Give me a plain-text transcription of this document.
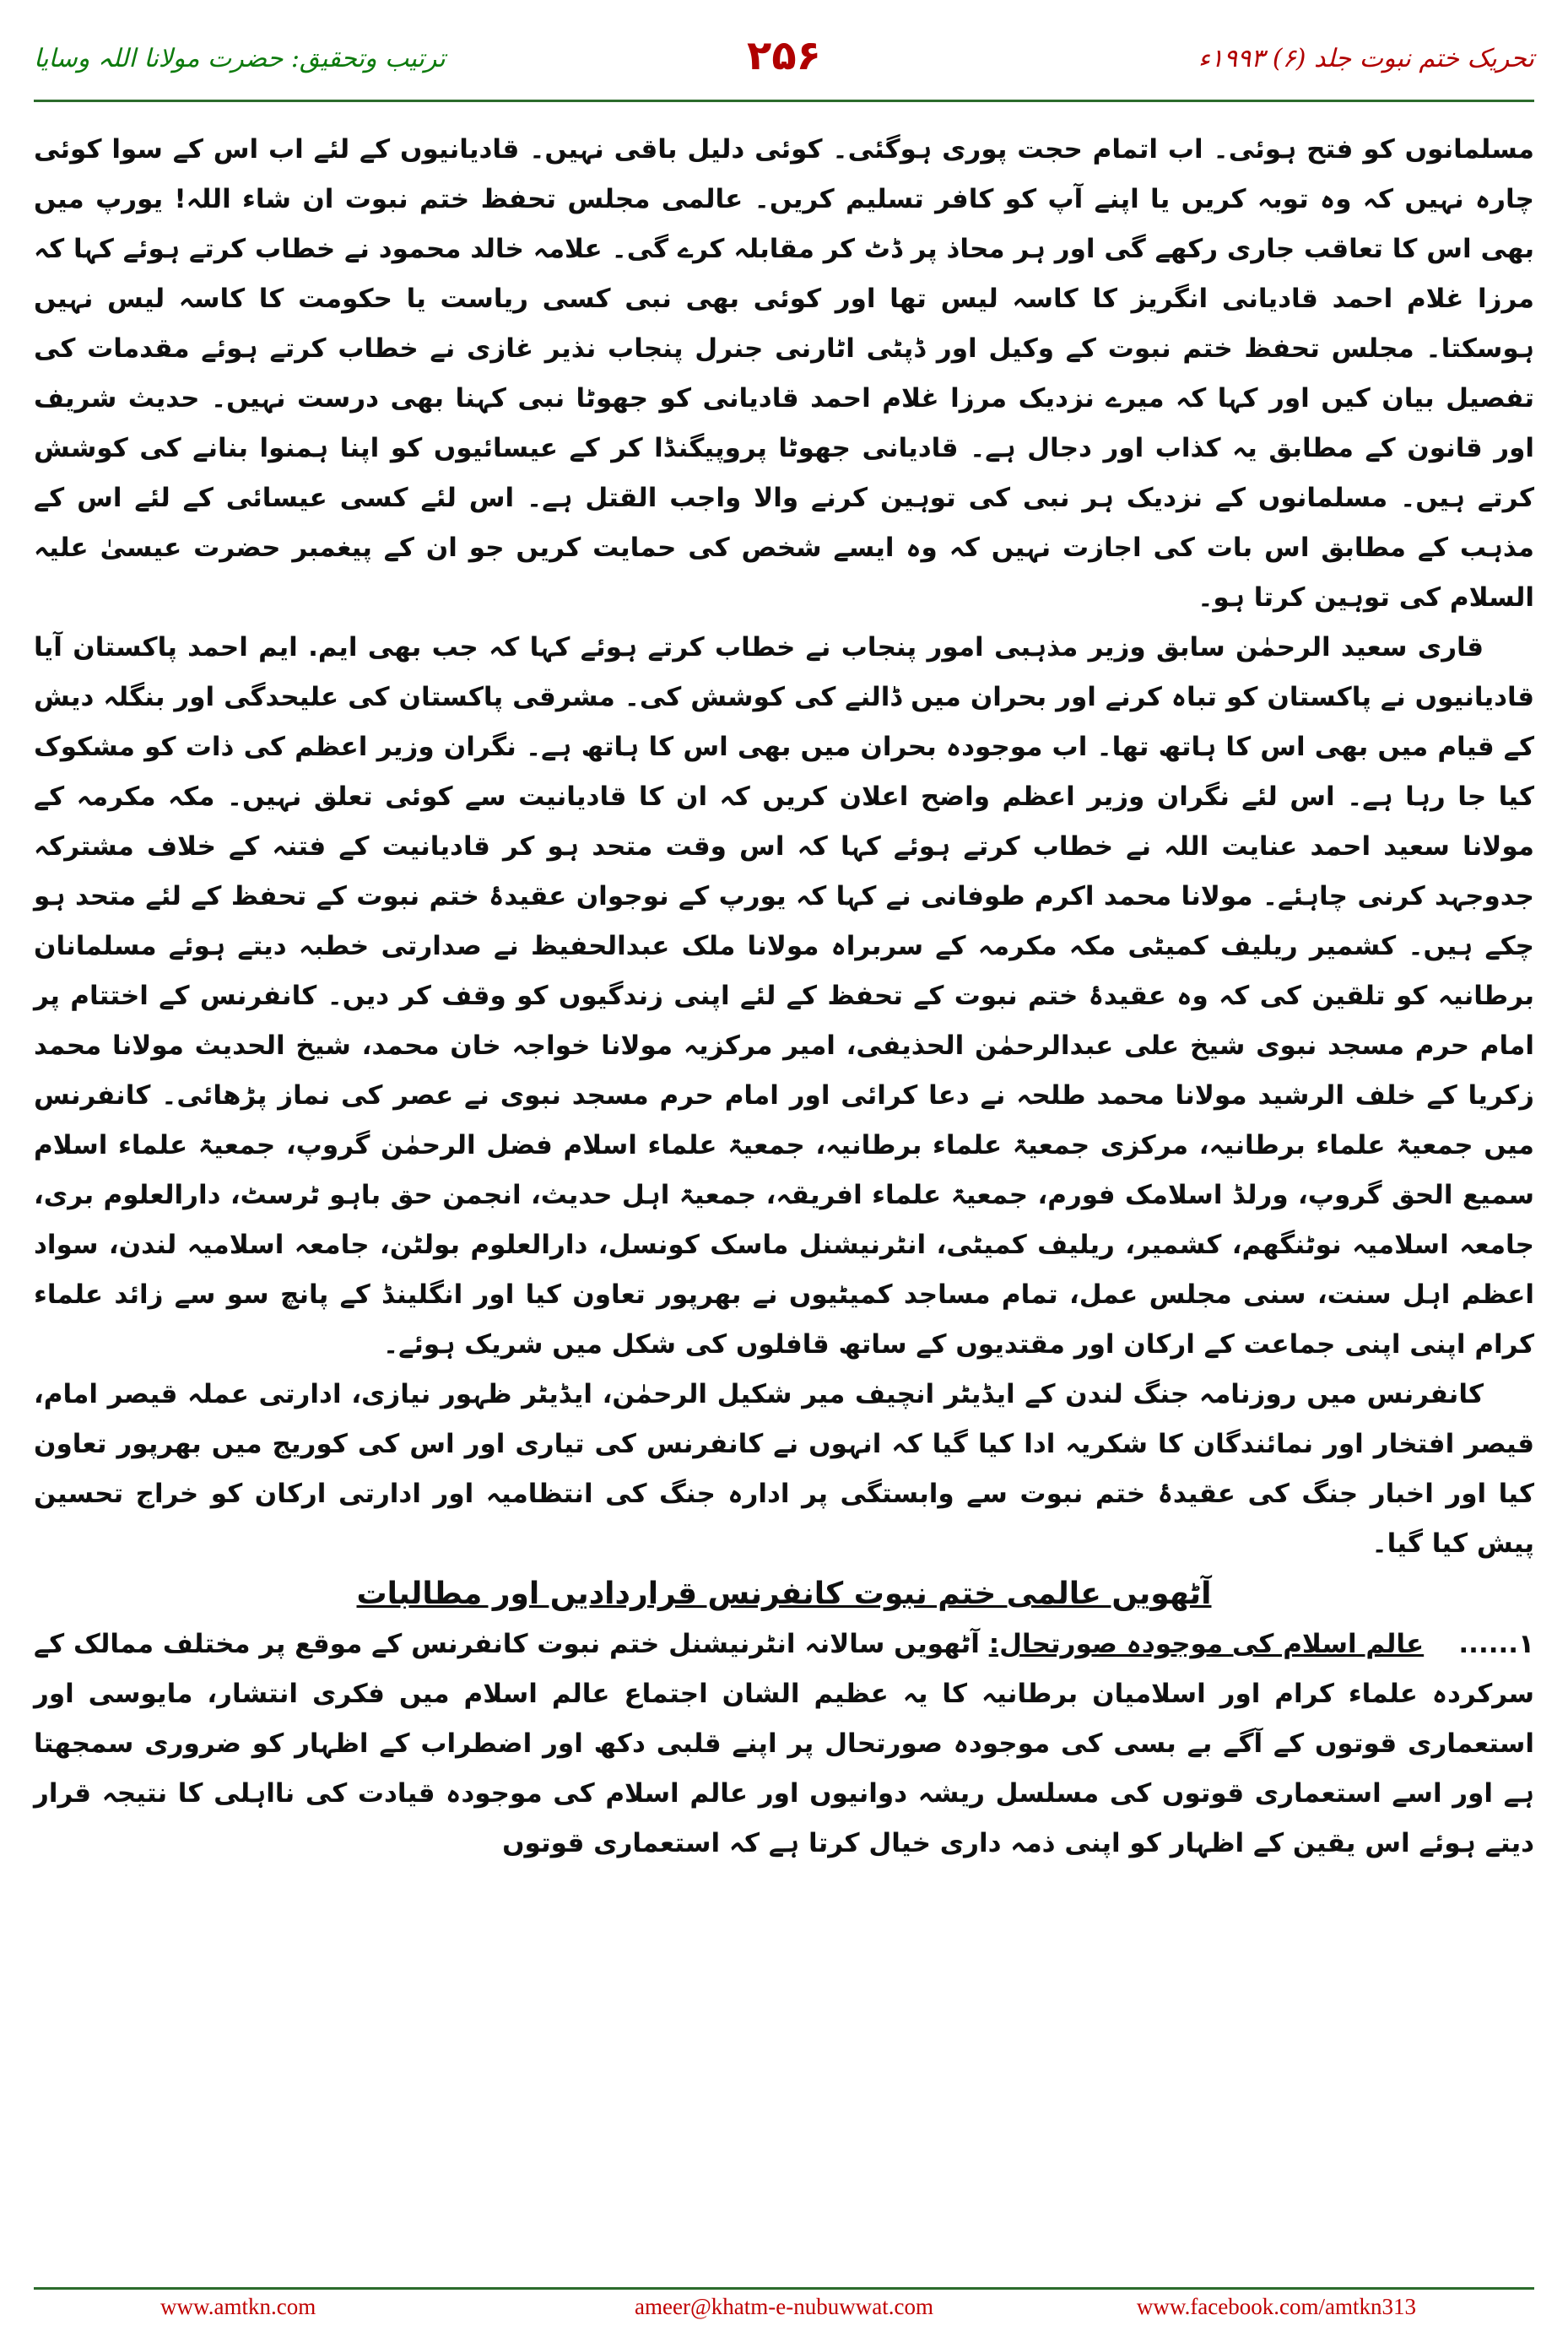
تحریک ختم نبوت جلد (۶) ۱۹۹۳ء
۲۵۶
ترتیب وتحقیق: حضرت مولانا اللہ وسایا

مسلمانوں کو فتح ہوئی۔ اب اتمام حجت پوری ہوگئی۔ کوئی دلیل باقی نہیں۔ قادیانیوں کے لئے اب اس کے سوا کوئی چارہ نہیں کہ وہ توبہ کریں یا اپنے آپ کو کافر تسلیم کریں۔ عالمی مجلس تحفظ ختم نبوت ان شاء اللہ! یورپ میں بھی اس کا تعاقب جاری رکھے گی اور ہر محاذ پر ڈٹ کر مقابلہ کرے گی۔ علامہ خالد محمود نے خطاب کرتے ہوئے کہا کہ مرزا غلام احمد قادیانی انگریز کا کاسہ لیس تھا اور کوئی بھی نبی کسی ریاست یا حکومت کا کاسہ لیس نہیں ہوسکتا۔ مجلس تحفظ ختم نبوت کے وکیل اور ڈپٹی اٹارنی جنرل پنجاب نذیر غازی نے خطاب کرتے ہوئے مقدمات کی تفصیل بیان کیں اور کہا کہ میرے نزدیک مرزا غلام احمد قادیانی کو جھوٹا نبی کہنا بھی درست نہیں۔ حدیث شریف اور قانون کے مطابق یہ کذاب اور دجال ہے۔ قادیانی جھوٹا پروپیگنڈا کر کے عیسائیوں کو اپنا ہمنوا بنانے کی کوشش کرتے ہیں۔ مسلمانوں کے نزدیک ہر نبی کی توہین کرنے والا واجب القتل ہے۔ اس لئے کسی عیسائی کے لئے اس کے مذہب کے مطابق اس بات کی اجازت نہیں کہ وہ ایسے شخص کی حمایت کریں جو ان کے پیغمبر حضرت عیسیٰ علیہ السلام کی توہین کرتا ہو۔

قاری سعید الرحمٰن سابق وزیر مذہبی امور پنجاب نے خطاب کرتے ہوئے کہا کہ جب بھی ایم. ایم احمد پاکستان آیا قادیانیوں نے پاکستان کو تباہ کرنے اور بحران میں ڈالنے کی کوشش کی۔ مشرقی پاکستان کی علیحدگی اور بنگلہ دیش کے قیام میں بھی اس کا ہاتھ تھا۔ اب موجودہ بحران میں بھی اس کا ہاتھ ہے۔ نگران وزیر اعظم کی ذات کو مشکوک کیا جا رہا ہے۔ اس لئے نگران وزیر اعظم واضح اعلان کریں کہ ان کا قادیانیت سے کوئی تعلق نہیں۔ مکہ مکرمہ کے مولانا سعید احمد عنایت اللہ نے خطاب کرتے ہوئے کہا کہ اس وقت متحد ہو کر قادیانیت کے فتنہ کے خلاف مشترکہ جدوجہد کرنی چاہئے۔ مولانا محمد اکرم طوفانی نے کہا کہ یورپ کے نوجوان عقیدۂ ختم نبوت کے تحفظ کے لئے متحد ہو چکے ہیں۔ کشمیر ریلیف کمیٹی مکہ مکرمہ کے سربراہ مولانا ملک عبدالحفیظ نے صدارتی خطبہ دیتے ہوئے مسلمانان برطانیہ کو تلقین کی کہ وہ عقیدۂ ختم نبوت کے تحفظ کے لئے اپنی زندگیوں کو وقف کر دیں۔ کانفرنس کے اختتام پر امام حرم مسجد نبوی شیخ علی عبدالرحمٰن الحذیفی، امیر مرکزیہ مولانا خواجہ خان محمد، شیخ الحدیث مولانا محمد زکریا کے خلف الرشید مولانا محمد طلحہ نے دعا کرائی اور امام حرم مسجد نبوی نے عصر کی نماز پڑھائی۔ کانفرنس میں جمعیۃ علماء برطانیہ، مرکزی جمعیۃ علماء برطانیہ، جمعیۃ علماء اسلام فضل الرحمٰن گروپ، جمعیۃ علماء اسلام سمیع الحق گروپ، ورلڈ اسلامک فورم، جمعیۃ علماء افریقہ، جمعیۃ اہل حدیث، انجمن حق باہو ٹرسٹ، دارالعلوم بری، جامعہ اسلامیہ نوٹنگھم، کشمیر، ریلیف کمیٹی، انٹرنیشنل ماسک کونسل، دارالعلوم بولٹن، جامعہ اسلامیہ لندن، سواد اعظم اہل سنت، سنی مجلس عمل، تمام مساجد کمیٹیوں نے بھرپور تعاون کیا اور انگلینڈ کے پانچ سو سے زائد علماء کرام اپنی اپنی جماعت کے ارکان اور مقتدیوں کے ساتھ قافلوں کی شکل میں شریک ہوئے۔

کانفرنس میں روزنامہ جنگ لندن کے ایڈیٹر انچیف میر شکیل الرحمٰن، ایڈیٹر ظہور نیازی، ادارتی عملہ قیصر امام، قیصر افتخار اور نمائندگان کا شکریہ ادا کیا گیا کہ انہوں نے کانفرنس کی تیاری اور اس کی کوریج میں بھرپور تعاون کیا اور اخبار جنگ کی عقیدۂ ختم نبوت سے وابستگی پر ادارہ جنگ کی انتظامیہ اور ادارتی ارکان کو خراج تحسین پیش کیا گیا۔

آٹھویں عالمی ختم نبوت کانفرنس قراردادیں اور مطالبات

۱...... عالم اسلام کی موجودہ صورتحال: آٹھویں سالانہ انٹرنیشنل ختم نبوت کانفرنس کے موقع پر مختلف ممالک کے سرکردہ علماء کرام اور اسلامیان برطانیہ کا یہ عظیم الشان اجتماع عالم اسلام میں فکری انتشار، مایوسی اور استعماری قوتوں کے آگے بے بسی کی موجودہ صورتحال پر اپنے قلبی دکھ اور اضطراب کے اظہار کو ضروری سمجھتا ہے اور اسے استعماری قوتوں کی مسلسل ریشہ دوانیوں اور عالم اسلام کی موجودہ قیادت کی نااہلی کا نتیجہ قرار دیتے ہوئے اس یقین کے اظہار کو اپنی ذمہ داری خیال کرتا ہے کہ استعماری قوتوں

www.amtkn.com	ameer@khatm-e-nubuwwat.com	www.facebook.com/amtkn313
